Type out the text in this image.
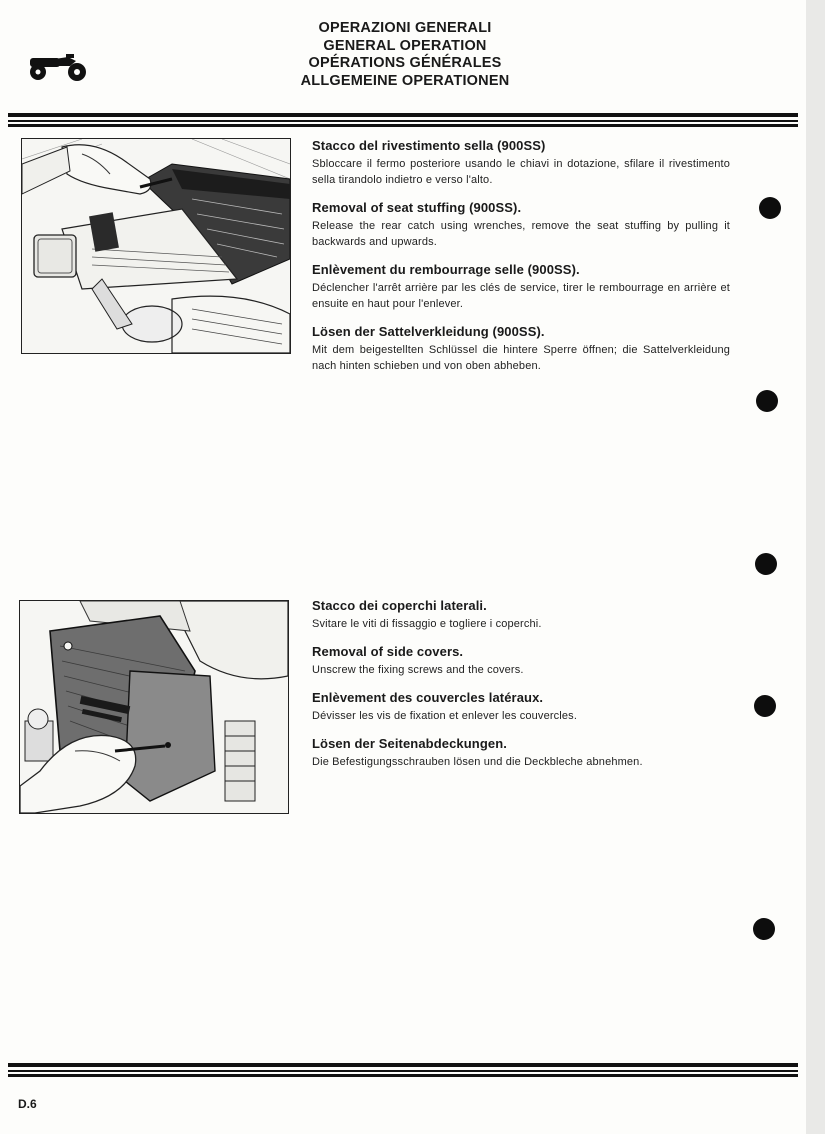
OPERAZIONI GENERALI
GENERAL OPERATION
OPÉRATIONS GÉNÉRALES
ALLGEMEINE OPERATIONEN
Stacco del rivestimento sella (900SS)

Sbloccare il fermo posteriore usando le chiavi in dotazione, sfilare il rivestimento sella tirandolo indietro e verso l'alto.

Removal of seat stuffing (900SS).

Release the rear catch using wrenches, remove the seat stuffing by pulling it backwards and upwards.

Enlèvement du rembourrage selle (900SS).

Déclencher l'arrêt arrière par les clés de service, tirer le rembourrage en arrière et ensuite en haut pour l'enlever.

Lösen der Sattelverkleidung (900SS).

Mit dem beigestellten Schlüssel die hintere Sperre öffnen; die Sattelverkleidung nach hinten schieben und von oben abheben.

Stacco dei coperchi laterali.

Svitare le viti di fissaggio e togliere i coperchi.

Removal of side covers.

Unscrew the fixing screws and the covers.

Enlèvement des couvercles latéraux.

Dévisser les vis de fixation et enlever les couvercles.

Lösen der Seitenabdeckungen.

Die Befestigungsschrauben lösen und die Deckbleche abnehmen.

D.6
